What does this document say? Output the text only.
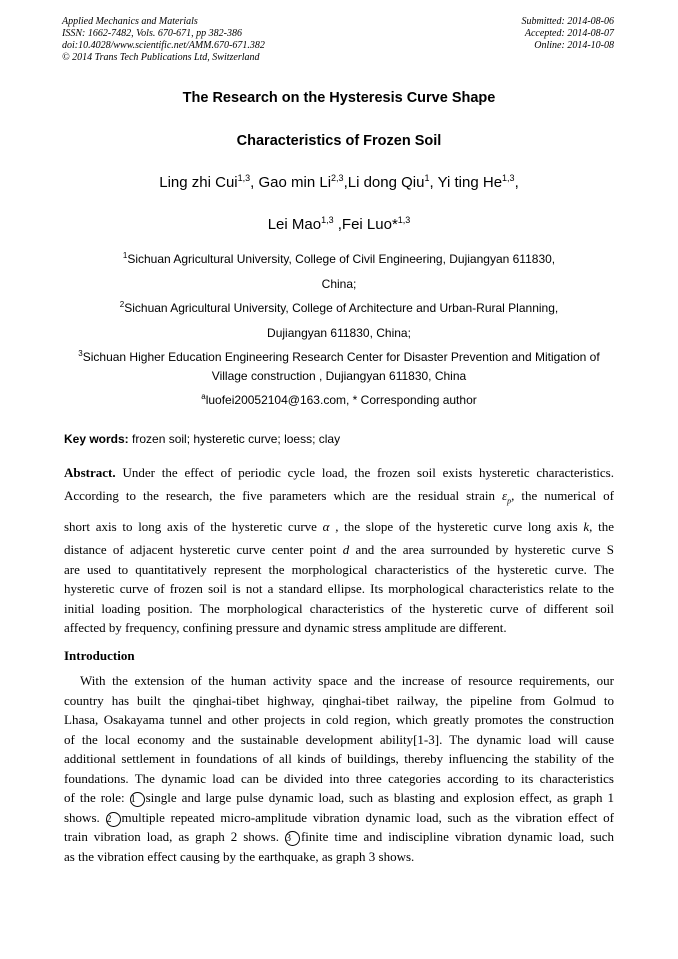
Applied Mechanics and Materials
ISSN: 1662-7482, Vols. 670-671, pp 382-386
doi:10.4028/www.scientific.net/AMM.670-671.382
© 2014 Trans Tech Publications Ltd, Switzerland
Submitted: 2014-08-06
Accepted: 2014-08-07
Online: 2014-10-08
The Research on the Hysteresis Curve Shape
Characteristics of Frozen Soil
Ling zhi Cui$^{1,3}$, Gao min Li$^{2,3}$,Li dong Qiu$^1$, Yi ting He$^{1,3}$,
Lei Mao$^{1,3}$ ,Fei Luo*$^{1,3}$
$^1$Sichuan Agricultural University, College of Civil Engineering, Dujiangyan 611830,
China;
$^2$Sichuan Agricultural University, College of Architecture and Urban-Rural Planning,
Dujiangyan 611830, China;
$^3$Sichuan Higher Education Engineering Research Center for Disaster Prevention and Mitigation of
Village construction , Dujiangyan 611830, China
$^a$luofei20052104@163.com, * Corresponding author
Key words: frozen soil; hysteretic curve; loess; clay
Abstract. Under the effect of periodic cycle load, the frozen soil exists hysteretic characteristics.
According to the research, the five parameters which are the residual strain $\varepsilon_p$, the numerical of
short axis to long axis of the hysteretic curve α , the slope of the hysteretic curve long axis k, the
distance of adjacent hysteretic curve center point d and the area surrounded by hysteretic curve S
are used to quantitatively represent the morphological characteristics of the hysteretic curve. The
hysteretic curve of frozen soil is not a standard ellipse. Its morphological characteristics relate to the
initial loading position. The morphological characteristics of the hysteretic curve of different soil
affected by frequency, confining pressure and dynamic stress amplitude are different.
Introduction
With the extension of the human activity space and the increase of resource requirements, our
country has built the qinghai-tibet highway, qinghai-tibet railway, the pipeline from Golmud to
Lhasa, Osakayama tunnel and other projects in cold region, which greatly promotes the construction
of the local economy and the sustainable development ability[1-3]. The dynamic load will cause
additional settlement in foundations of all kinds of buildings, thereby influencing the stability of the
foundations. The dynamic load can be divided into three categories according to its characteristics
of the role: 1 single and large pulse dynamic load, such as blasting and explosion effect, as graph 1
shows. 2 multiple repeated micro-amplitude vibration dynamic load, such as the vibration effect of
train vibration load, as graph 2 shows. 3 finite time and indiscipline vibration dynamic load, such
as the vibration effect causing by the earthquake, as graph 3 shows.
